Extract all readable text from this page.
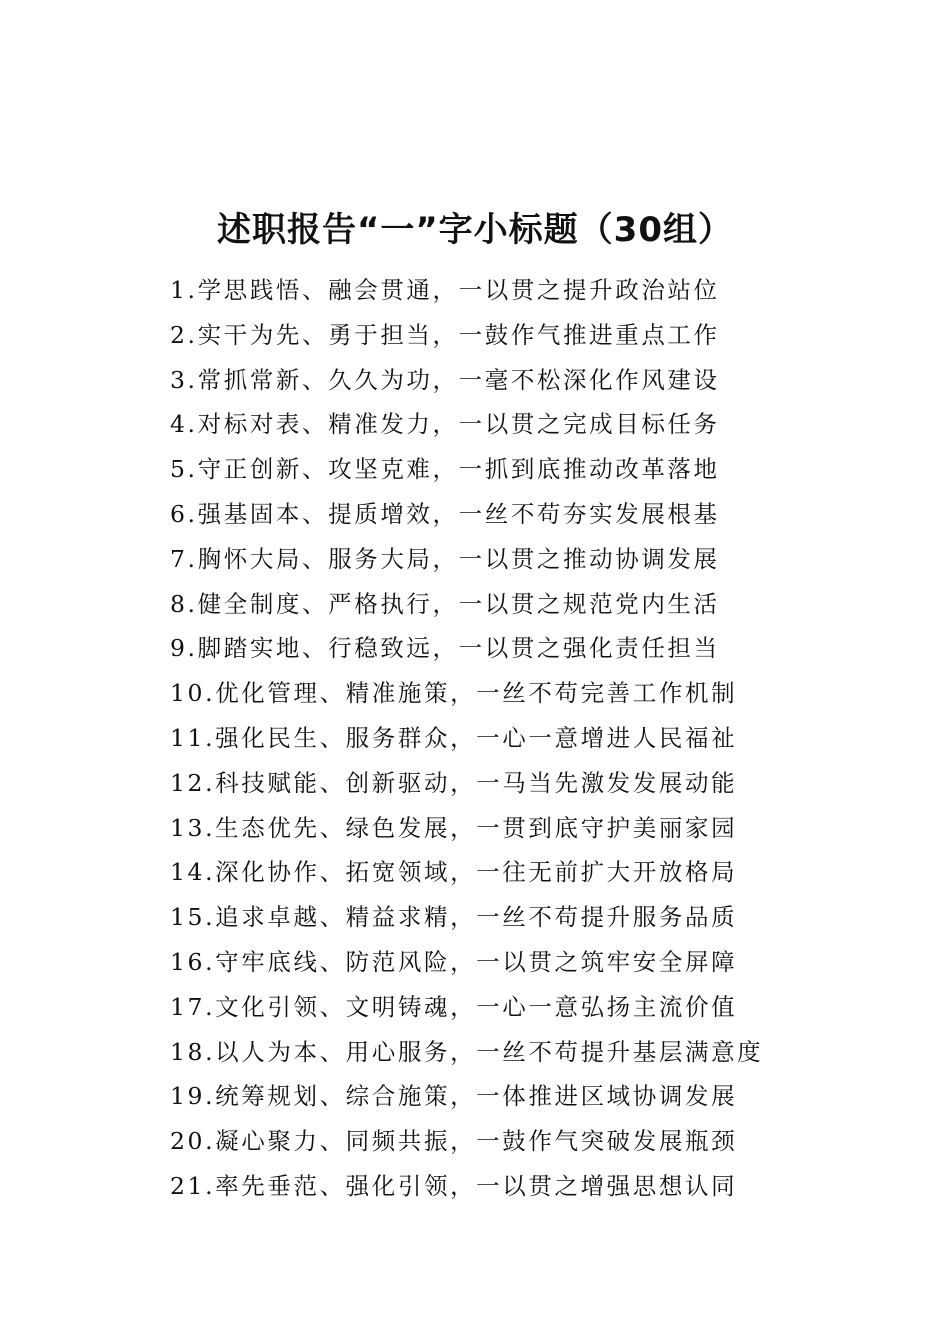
述职报告“一”字小标题（30组）
1.学思践悟、融会贯通，一以贯之提升政治站位
2.实干为先、勇于担当，一鼓作气推进重点工作
3.常抓常新、久久为功，一毫不松深化作风建设
4.对标对表、精准发力，一以贯之完成目标任务
5.守正创新、攻坚克难，一抓到底推动改革落地
6.强基固本、提质增效，一丝不苟夯实发展根基
7.胸怀大局、服务大局，一以贯之推动协调发展
8.健全制度、严格执行，一以贯之规范党内生活
9.脚踏实地、行稳致远，一以贯之强化责任担当
10.优化管理、精准施策，一丝不苟完善工作机制
11.强化民生、服务群众，一心一意增进人民福祉
12.科技赋能、创新驱动，一马当先激发发展动能
13.生态优先、绿色发展，一贯到底守护美丽家园
14.深化协作、拓宽领域，一往无前扩大开放格局
15.追求卓越、精益求精，一丝不苟提升服务品质
16.守牢底线、防范风险，一以贯之筑牢安全屏障
17.文化引领、文明铸魂，一心一意弘扬主流价值
18.以人为本、用心服务，一丝不苟提升基层满意度
19.统筹规划、综合施策，一体推进区域协调发展
20.凝心聚力、同频共振，一鼓作气突破发展瓶颈
21.率先垂范、强化引领，一以贯之增强思想认同
